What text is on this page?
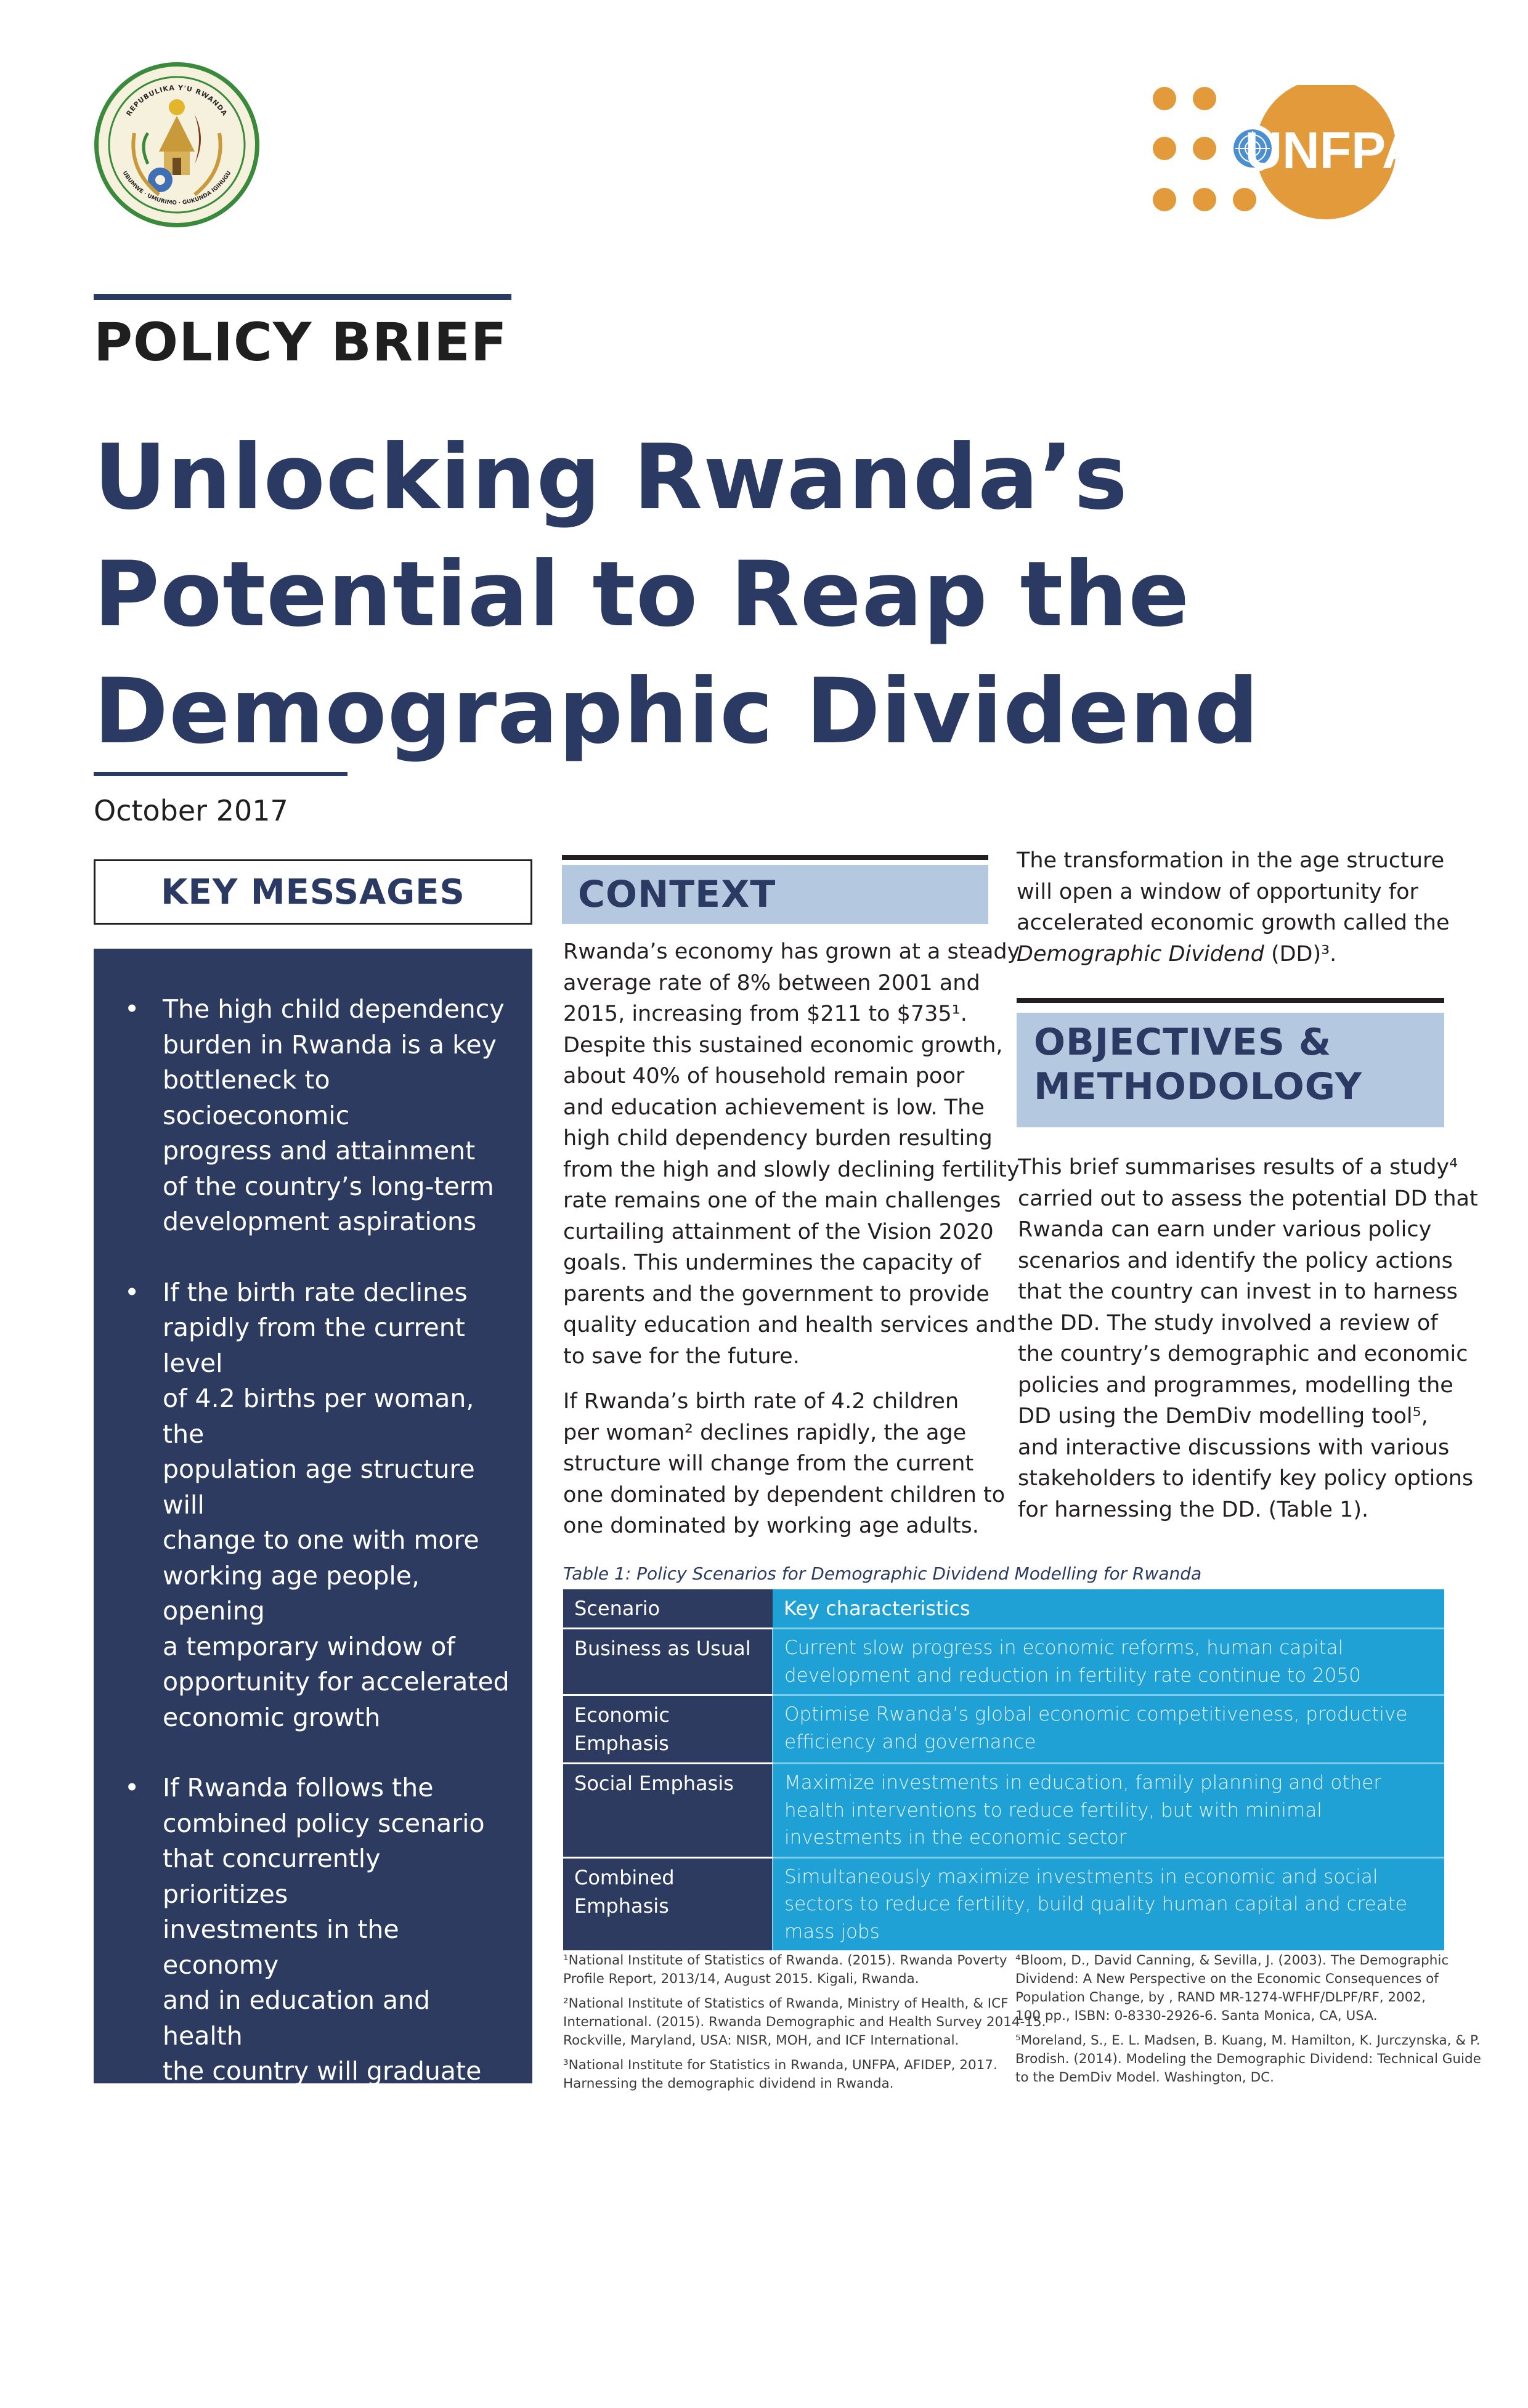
REPUBULIKA Y'U RWANDA
UBUMWE · UMURIMO · GUKUNDA IGIHUGU	UNFPA
POLICY BRIEF
Unlocking Rwanda’s
Potential to Reap the
Demographic Dividend
October 2017
KEY MESSAGES
• The high child dependency
burden in Rwanda is a key
bottleneck to socioeconomic
progress and attainment
of the country’s long-term
development aspirations
• If the birth rate declines
rapidly from the current level
of 4.2 births per woman, the
population age structure will
change to one with more
working age people, opening
a temporary window of
opportunity for accelerated
economic growth
• If Rwanda follows the
combined policy scenario
that concurrently prioritizes
investments in the economy
and in education and health
the country will graduate to
upper income level with GDP
per capita of US$ 12,500 by
2050. The DD will contribute
US $ 3,457 of this income
growth.
CONTEXT
Rwanda’s economy has grown at a steady
average rate of 8% between 2001 and
2015, increasing from $211 to $735¹.
Despite this sustained economic growth,
about 40% of household remain poor
and education achievement is low. The
high child dependency burden resulting
from the high and slowly declining fertility
rate remains one of the main challenges
curtailing attainment of the Vision 2020
goals. This undermines the capacity of
parents and the government to provide
quality education and health services and
to save for the future.
If Rwanda’s birth rate of 4.2 children
per woman² declines rapidly, the age
structure will change from the current
one dominated by dependent children to
one dominated by working age adults.
The transformation in the age structure
will open a window of opportunity for
accelerated economic growth called the
Demographic Dividend (DD)³.
OBJECTIVES &
METHODOLOGY
This brief summarises results of a study⁴
carried out to assess the potential DD that
Rwanda can earn under various policy
scenarios and identify the policy actions
that the country can invest in to harness
the DD. The study involved a review of
the country’s demographic and economic
policies and programmes, modelling the
DD using the DemDiv modelling tool⁵,
and interactive discussions with various
stakeholders to identify key policy options
for harnessing the DD. (Table 1).
Table 1: Policy Scenarios for Demographic Dividend Modelling for Rwanda
Scenario	Key characteristics
Business as Usual	Current slow progress in economic reforms, human capital development and reduction in fertility rate continue to 2050
Economic Emphasis	Optimise Rwanda’s global economic competitiveness, productive efficiency and governance
Social Emphasis	Maximize investments in education, family planning and other health interventions to reduce fertility, but with minimal investments in the economic sector
Combined Emphasis	Simultaneously maximize investments in economic and social sectors to reduce fertility, build quality human capital and create mass jobs

¹National Institute of Statistics of Rwanda. (2015). Rwanda Poverty
Profile Report, 2013/14, August 2015. Kigali, Rwanda.

²National Institute of Statistics of Rwanda, Ministry of Health, & ICF
International. (2015). Rwanda Demographic and Health Survey 2014-15.
Rockville, Maryland, USA: NISR, MOH, and ICF International.

³National Institute for Statistics in Rwanda, UNFPA, AFIDEP, 2017.
Harnessing the demographic dividend in Rwanda.

⁴Bloom, D., David Canning, & Sevilla, J. (2003). The Demographic
Dividend: A New Perspective on the Economic Consequences of
Population Change, by , RAND MR-1274-WFHF/DLPF/RF, 2002,
100 pp., ISBN: 0-8330-2926-6. Santa Monica, CA, USA.

⁵Moreland, S., E. L. Madsen, B. Kuang, M. Hamilton, K. Jurczynska, & P.
Brodish. (2014). Modeling the Demographic Dividend: Technical Guide
to the DemDiv Model. Washington, DC.
